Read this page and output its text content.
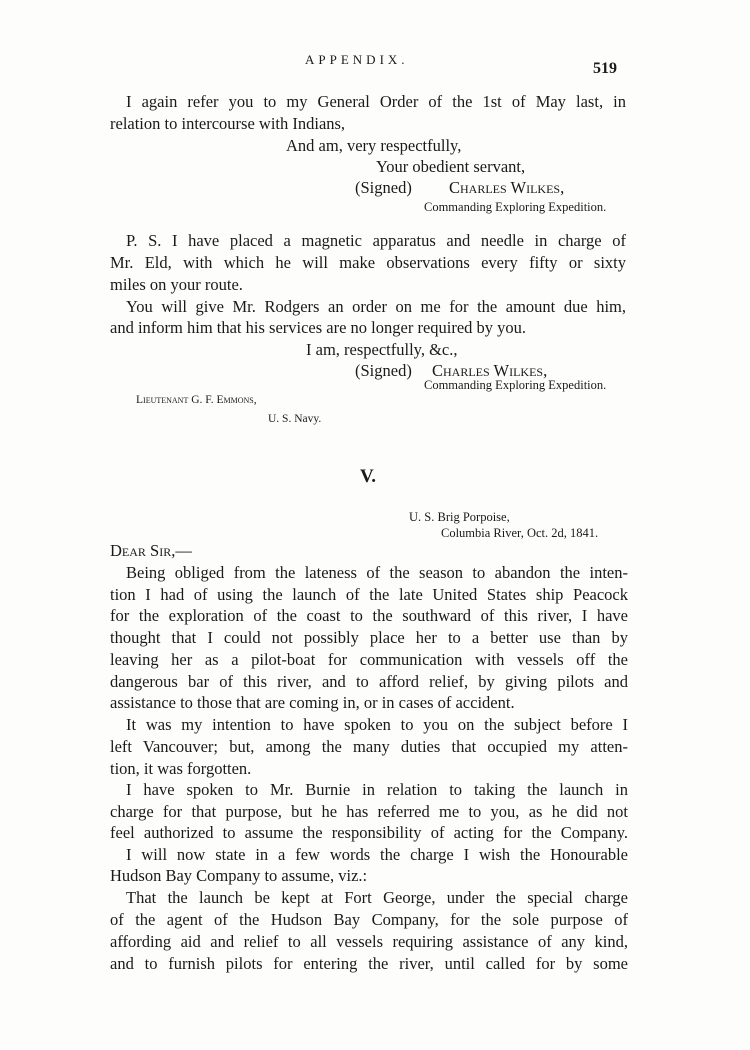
APPENDIX.
519
I again refer you to my General Order of the 1st of May last, in
relation to intercourse with Indians,
And am, very respectfully,
Your obedient servant,
(Signed) Charles Wilkes,
Commanding Exploring Expedition.
P. S. I have placed a magnetic apparatus and needle in charge of
Mr. Eld, with which he will make observations every fifty or sixty
miles on your route.
You will give Mr. Rodgers an order on me for the amount due him,
and inform him that his services are no longer required by you.
I am, respectfully, &c.,
(Signed) Charles Wilkes,
Commanding Exploring Expedition.
Lieutenant G. F. Emmons,
U. S. Navy.
V.
U. S. Brig Porpoise,
Columbia River, Oct. 2d, 1841.
Dear Sir,—
Being obliged from the lateness of the season to abandon the inten-
tion I had of using the launch of the late United States ship Peacock
for the exploration of the coast to the southward of this river, I have
thought that I could not possibly place her to a better use than by
leaving her as a pilot-boat for communication with vessels off the
dangerous bar of this river, and to afford relief, by giving pilots and
assistance to those that are coming in, or in cases of accident.
It was my intention to have spoken to you on the subject before I
left Vancouver; but, among the many duties that occupied my atten-
tion, it was forgotten.
I have spoken to Mr. Burnie in relation to taking the launch in
charge for that purpose, but he has referred me to you, as he did not
feel authorized to assume the responsibility of acting for the Company.
I will now state in a few words the charge I wish the Honourable
Hudson Bay Company to assume, viz.:
That the launch be kept at Fort George, under the special charge
of the agent of the Hudson Bay Company, for the sole purpose of
affording aid and relief to all vessels requiring assistance of any kind,
and to furnish pilots for entering the river, until called for by some
